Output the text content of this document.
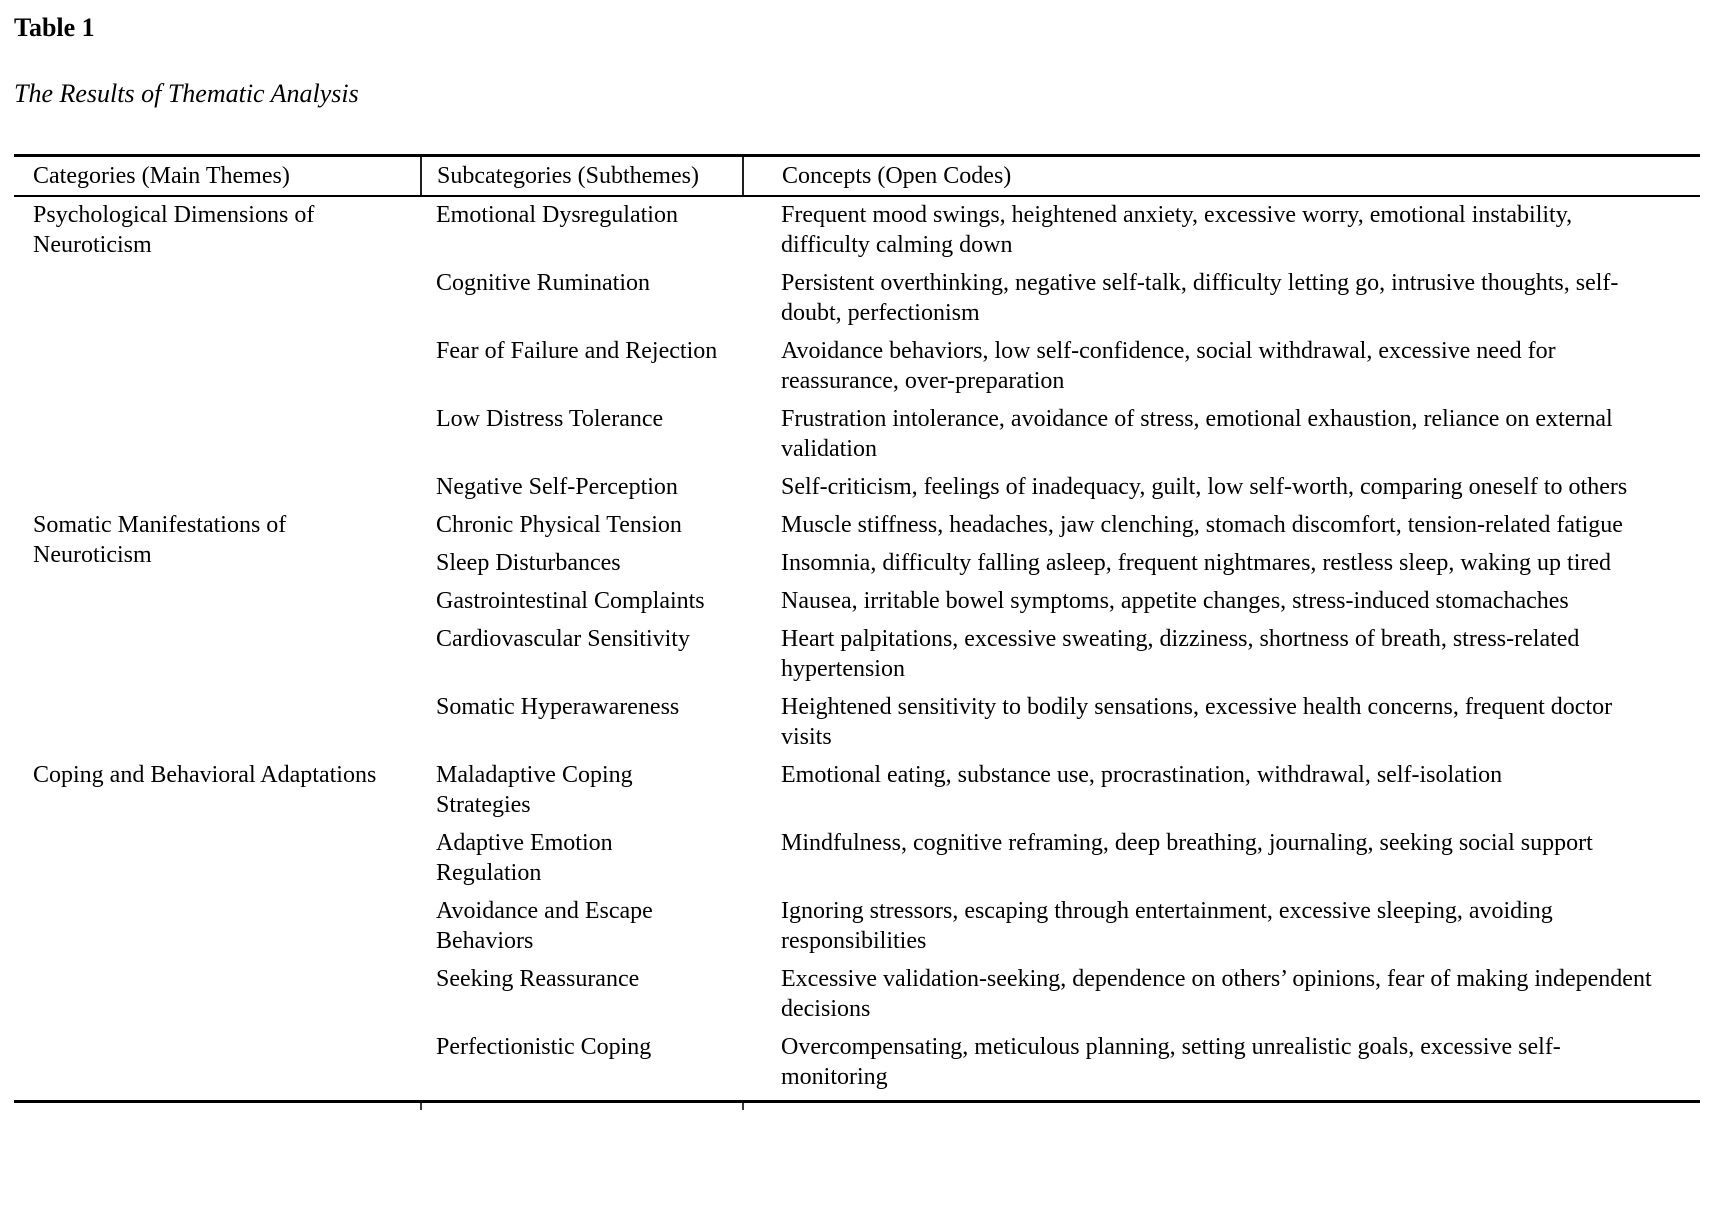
Table 1
The Results of Thematic Analysis
Categories (Main Themes)	Subcategories (Subthemes)	Concepts (Open Codes)
Psychological Dimensions of Neuroticism	Emotional Dysregulation	Frequent mood swings, heightened anxiety, excessive worry, emotional instability, difficulty calming down
	Cognitive Rumination	Persistent overthinking, negative self-talk, difficulty letting go, intrusive thoughts, self-doubt, perfectionism
	Fear of Failure and Rejection	Avoidance behaviors, low self-confidence, social withdrawal, excessive need for reassurance, over-preparation
	Low Distress Tolerance	Frustration intolerance, avoidance of stress, emotional exhaustion, reliance on external validation
	Negative Self-Perception	Self-criticism, feelings of inadequacy, guilt, low self-worth, comparing oneself to others
Somatic Manifestations of Neuroticism	Chronic Physical Tension	Muscle stiffness, headaches, jaw clenching, stomach discomfort, tension-related fatigue
	Sleep Disturbances	Insomnia, difficulty falling asleep, frequent nightmares, restless sleep, waking up tired
	Gastrointestinal Complaints	Nausea, irritable bowel symptoms, appetite changes, stress-induced stomachaches
	Cardiovascular Sensitivity	Heart palpitations, excessive sweating, dizziness, shortness of breath, stress-related hypertension
	Somatic Hyperawareness	Heightened sensitivity to bodily sensations, excessive health concerns, frequent doctor visits
Coping and Behavioral Adaptations	Maladaptive Coping Strategies	Emotional eating, substance use, procrastination, withdrawal, self-isolation
	Adaptive Emotion Regulation	Mindfulness, cognitive reframing, deep breathing, journaling, seeking social support
	Avoidance and Escape Behaviors	Ignoring stressors, escaping through entertainment, excessive sleeping, avoiding responsibilities
	Seeking Reassurance	Excessive validation-seeking, dependence on others’ opinions, fear of making independent decisions
	Perfectionistic Coping	Overcompensating, meticulous planning, setting unrealistic goals, excessive self-monitoring
